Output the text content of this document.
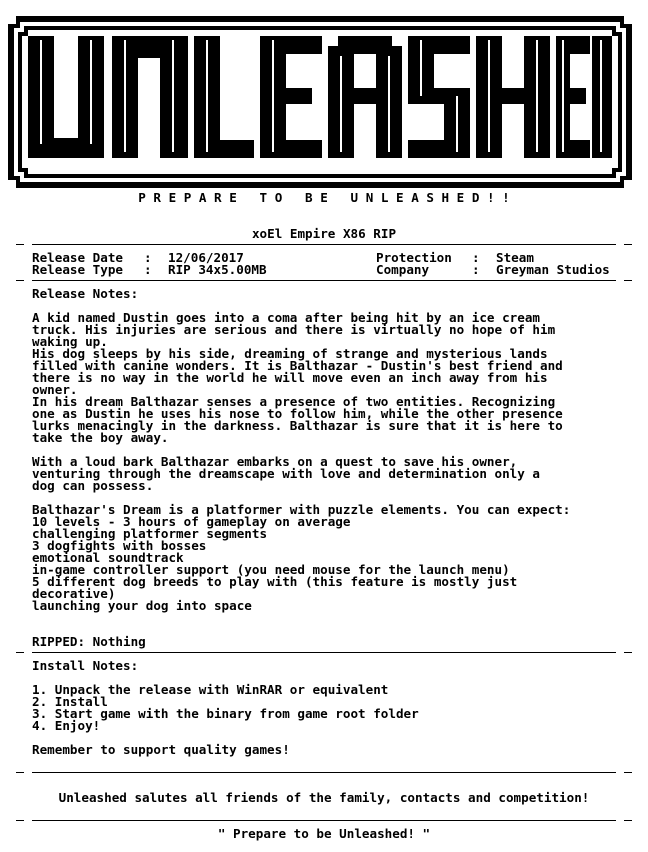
P R E P A R E   T O   B E   U N L E A S H E D ! !
xoEl Empire X86 RIP
Release Date : 12/06/2017	Protection : Steam
Release Type : RIP 34x5.00MB	Company	: Greyman Studios
Release Notes:
A kid named Dustin goes into a coma after being hit by an ice cream
truck. His injuries are serious and there is virtually no hope of him
waking up.
His dog sleeps by his side, dreaming of strange and mysterious lands
filled with canine wonders. It is Balthazar - Dustin's best friend and
there is no way in the world he will move even an inch away from his
owner.
In his dream Balthazar senses a presence of two entities. Recognizing
one as Dustin he uses his nose to follow him, while the other presence
lurks menacingly in the darkness. Balthazar is sure that it is here to
take the boy away.
With a loud bark Balthazar embarks on a quest to save his owner,
venturing through the dreamscape with love and determination only a
dog can possess.
Balthazar's Dream is a platformer with puzzle elements. You can expect:
10 levels - 3 hours of gameplay on average
challenging platformer segments
3 dogfights with bosses
emotional soundtrack
in-game controller support (you need mouse for the launch menu)
5 different dog breeds to play with (this feature is mostly just
decorative)
launching your dog into space
RIPPED: Nothing
Install Notes:
1. Unpack the release with WinRAR or equivalent
2. Install
3. Start game with the binary from game root folder
4. Enjoy!
Remember to support quality games!
Unleashed salutes all friends of the family, contacts and competition!
" Prepare to be Unleashed! "
